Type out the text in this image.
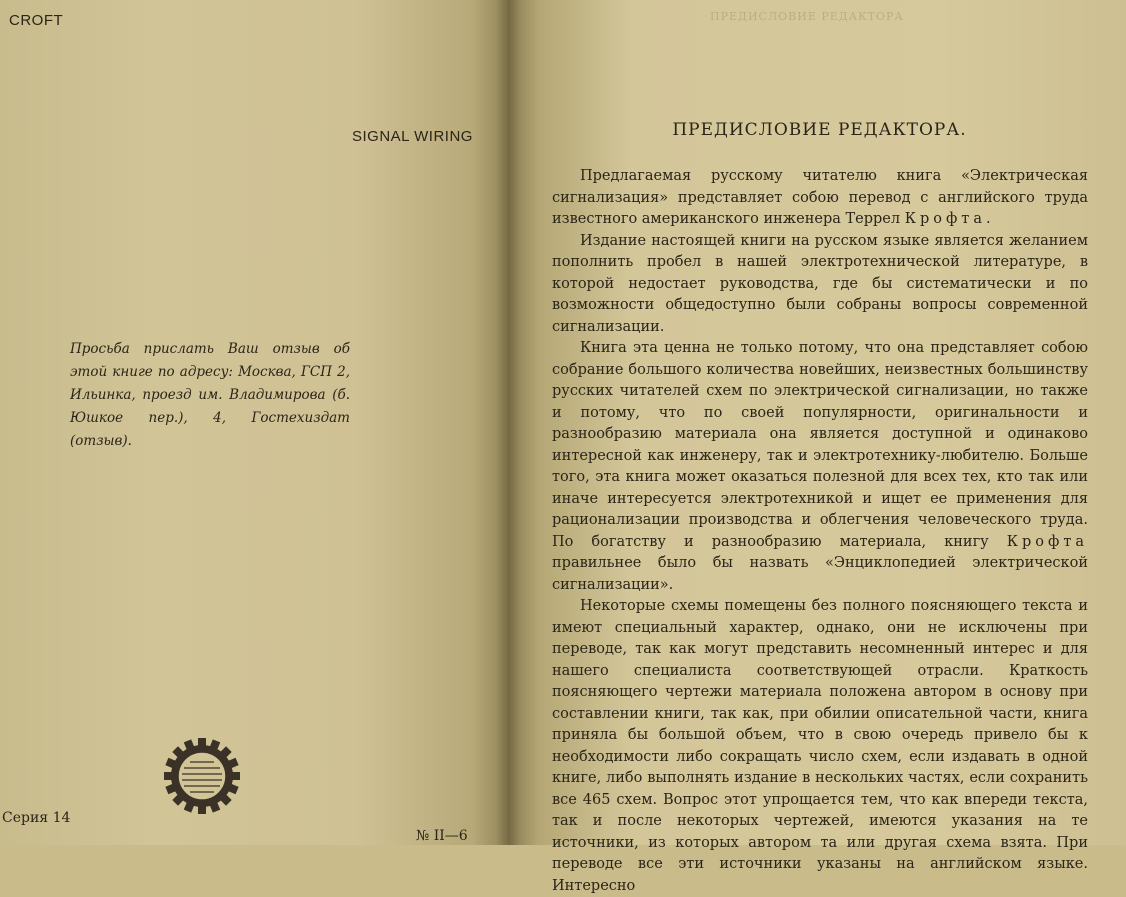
CROFT
SIGNAL WIRING
Просьба прислать Ваш отзыв об этой книге по адресу: Москва, ГСП 2, Ильинка, проезд им. Владимирова (б. Юшкое пер.), 4, Гостехиздат (отзыв).
Серия 14
№ II—6
ПРЕДИСЛОВИЕ РЕДАКТОРА
ПРЕДИСЛОВИЕ РЕДАКТОРА.

Предлагаемая русскому читателю книга «Электрическая сигнализация» представляет собою перевод с английского труда известного американского инженера Террел Крофта.

Издание настоящей книги на русском языке является желанием пополнить пробел в нашей электротехнической литературе, в которой недостает руководства, где бы систематически и по возможности общедоступно были собраны вопросы современной сигнализации.

Книга эта ценна не только потому, что она представляет собою собрание большого количества новейших, неизвестных большинству русских читателей схем по электрической сигнализации, но также и потому, что по своей популярности, оригинальности и разнообразию материала она является доступной и одинаково интересной как инженеру, так и электротехнику-любителю. Больше того, эта книга может оказаться полезной для всех тех, кто так или иначе интересуется электротехникой и ищет ее применения для рационализации производства и облегчения человеческого труда. По богатству и разнообразию материала, книгу Крофта правильнее было бы назвать «Энциклопедией электрической сигнализации».

Некоторые схемы помещены без полного поясняющего текста и имеют специальный характер, однако, они не исключены при переводе, так как могут представить несомненный интерес и для нашего специалиста соответствующей отрасли. Краткость поясняющего чертежи материала положена автором в основу при составлении книги, так как, при обилии описательной части, книга приняла бы большой объем, что в свою очередь привело бы к необходимости либо сокращать число схем, если издавать в одной книге, либо выполнять издание в нескольких частях, если сохранить все 465 схем. Вопрос этот упрощается тем, что как впереди текста, так и после некоторых чертежей, имеются указания на те источники, из которых автором та или другая схема взята. При переводе все эти источники указаны на английском языке. Интересно
